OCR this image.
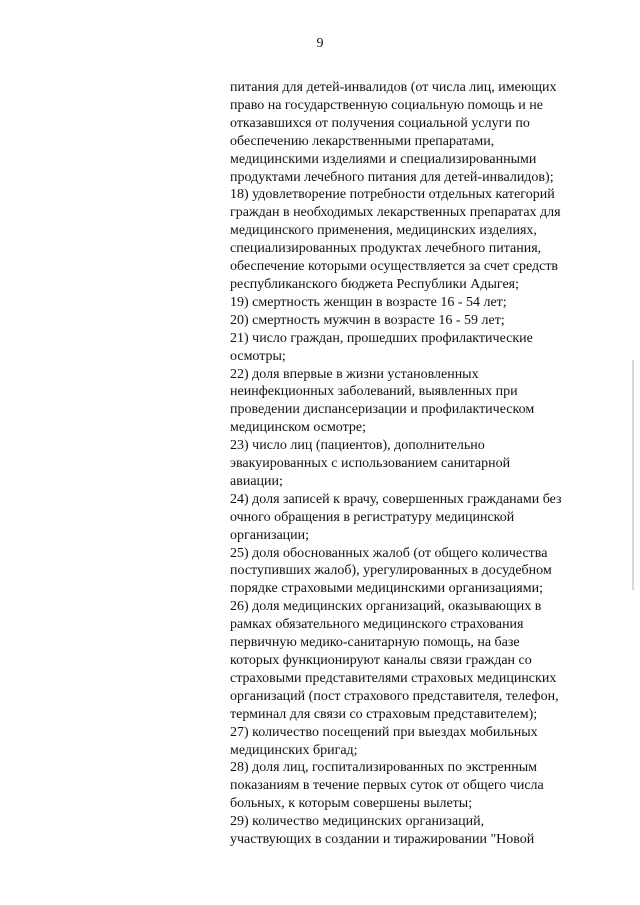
9
питания для детей-инвалидов (от числа лиц, имеющих
право на государственную социальную помощь и не
отказавшихся от получения социальной услуги по
обеспечению лекарственными препаратами,
медицинскими изделиями и специализированными
продуктами лечебного питания для детей-инвалидов);
18) удовлетворение потребности отдельных категорий
граждан в необходимых лекарственных препаратах для
медицинского применения, медицинских изделиях,
специализированных продуктах лечебного питания,
обеспечение которыми осуществляется за счет средств
республиканского бюджета Республики Адыгея;
19) смертность женщин в возрасте 16 - 54 лет;
20) смертность мужчин в возрасте 16 - 59 лет;
21) число граждан, прошедших профилактические
осмотры;
22) доля впервые в жизни установленных
неинфекционных заболеваний, выявленных при
проведении диспансеризации и профилактическом
медицинском осмотре;
23) число лиц (пациентов), дополнительно
эвакуированных с использованием санитарной
авиации;
24) доля записей к врачу, совершенных гражданами без
очного обращения в регистратуру медицинской
организации;
25) доля обоснованных жалоб (от общего количества
поступивших жалоб), урегулированных в досудебном
порядке страховыми медицинскими организациями;
26) доля медицинских организаций, оказывающих в
рамках обязательного медицинского страхования
первичную медико-санитарную помощь, на базе
которых функционируют каналы связи граждан со
страховыми представителями страховых медицинских
организаций (пост страхового представителя, телефон,
терминал для связи со страховым представителем);
27) количество посещений при выездах мобильных
медицинских бригад;
28) доля лиц, госпитализированных по экстренным
показаниям в течение первых суток от общего числа
больных, к которым совершены вылеты;
29) количество медицинских организаций,
участвующих в создании и тиражировании "Новой
